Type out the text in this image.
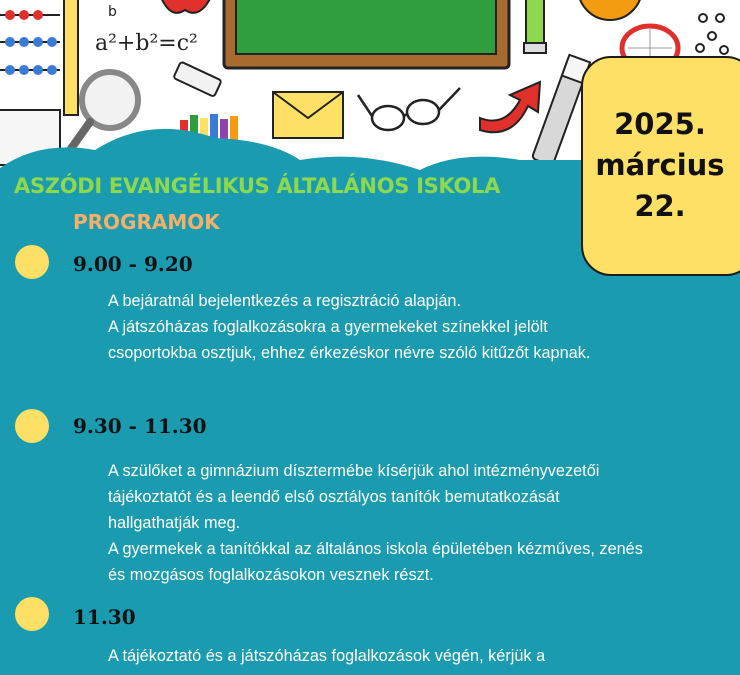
a²+b²=c²
b
2025.
március
22.
ASZÓDI EVANGÉLIKUS ÁLTALÁNOS ISKOLA
PROGRAMOK
9.00 - 9.20
A bejáratnál bejelentkezés a regisztráció alapján.
A játszóházas foglalkozásokra a gyermekeket színekkel jelölt
csoportokba osztjuk, ehhez érkezéskor névre szóló kitűzőt kapnak.
9.30 - 11.30
A szülőket a gimnázium dísztermébe kísérjük ahol intézményvezetői
tájékoztatót és a leendő első osztályos tanítók bemutatkozását
hallgathatják meg.
A gyermekek a tanítókkal az általános iskola épületében kézműves, zenés
és mozgásos foglalkozásokon vesznek részt.
11.30
A tájékoztató és a játszóházas foglalkozások végén, kérjük a
